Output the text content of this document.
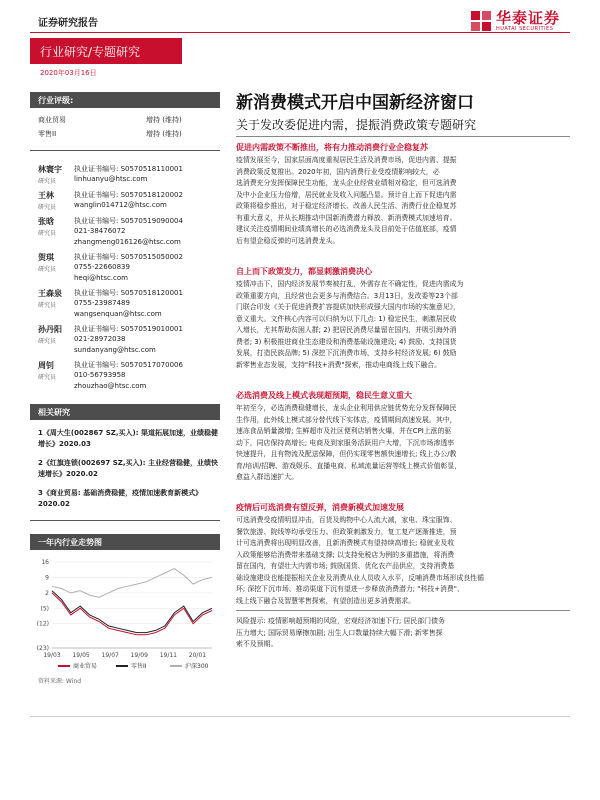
证券研究报告	华泰证券
HUATAI SECURITIES
行业研究/专题研究
2020年03月16日
行业评级:
商业贸易	增持 (维持)
零售II	增持 (维持)
林寰宇
研究员
执业证书编号: S0570518110001
linhuanyu@htsc.com
王林
研究员
执业证书编号: S0570518120002
wanglin014712@htsc.com
张晗
研究员
执业证书编号: S0570519090004
021-38476072
zhangmeng016126@htsc.com
贺琪
研究员
执业证书编号: S0570515050002
0755-22660839
heqi@htsc.com
王森泉
研究员
执业证书编号: S0570518120001
0755-23987489
wangsenquan@htsc.com
孙丹阳
研究员
执业证书编号: S0570519010001
021-28972038
sundanyang@htsc.com
周钊
研究员
执业证书编号: S0570517070006
010-56793958
zhouzhao@htsc.com
相关研究
1《周大生(002867 SZ,买入): 渠道拓展加速，业绩稳健增长》2020.03
2《红旗连锁(002697 SZ,买入): 主业经营稳健，业绩快速增长》2020.02
3《商业贸易: 基础消费稳健，疫情加速教育新模式》2020.02
一年内行业走势图
16
9
2
(5)
(12)
(23)
19/03 19/05 19/07 19/09 19/11 20/01
商业贸易	零售II	沪深300
资料来源: Wind
新消费模式开启中国新经济窗口
关于发改委促进内需，提振消费政策专题研究
促进内需政策不断推出，将有力推动消费行业企稳复苏
疫情发展至今，国家层面高度重视居民生活及消费市场，促进内需、提振
消费政策反复推出。2020年初，国内消费行业受疫情影响较大，必
选消费充分发挥保障民生功能，龙头企业经营业绩相对稳定，但可选消费
及中小企业压力倍增，居民就业及收入问题凸显。预计自上而下促进内需
政策将稳步推出，对于稳定经济增长、改善人民生活、消费行业企稳复苏
有重大意义，并从长期推动中国新消费潜力释放、新消费模式加速培育。
建议关注疫情期间业绩高增长的必选消费龙头及目前处于估值底部，疫情
后有望企稳反弹的可选消费龙头。
自上而下政策发力，都显刺激消费决心
疫情冲击下，国内经济发展节奏被打乱，外需存在不确定性，促进内需成为
政策重要方向，且经营也会更多与消费结合。3月13日，发改委等23个部
门联合印发《关于促进消费扩容提质加快形成强大国内市场的实施意见》，
意义重大。文件核心内容可以归纳为以下几点: 1) 稳定民生，刺激居民收
入增长，尤其帮助贫困人群; 2) 把居民消费尽量留在国内，并吸引海外消
费者; 3) 积极推进商业生态建设和消费基础设施建设; 4) 鼓励、支持国货
发展，打造民族品牌; 5) 深挖下沉消费市场，支持乡村经济发展; 6) 鼓励
新零售业态发展，支持"科技+消费"探索，推动电商线上线下融合。
必选消费及线上模式表现超预期，稳民生意义重大
年初至今，必选消费稳健增长，龙头企业利用供应链优势充分发挥保障民
生作用，此外线上模式部分替代线下实体店，疫情期间高速发展。其中，
速冻食品销量激增; 生鲜超市及社区便利店销售火爆，并在CPI上涨的驱
动下，同店保持高增长; 电商及到家服务活跃用户大增，下沉市场渗透率
快速提升，且有物流及配送保障，但仍实现零售额快速增长; 线上办公/教
育/培训/招聘、游戏娱乐、直播电商、私域流量运营等线上模式价值彰显，
愈益入群迅速扩大。
疫情后可选消费有望反弹，消费新模式加速发展
可选消费受疫情明显冲击，百货及购物中心人流大减，家电、珠宝服饰、
餐饮旅游、院线等均承受压力。但政策刺激发力，复工复产逐渐推进，预
计可选消费将出现明显改善，且新消费模式有望持续高增长; 稳就业及收
入政策能够给消费带来基础支撑; 以支持免税店为例的多重措施，将消费
留在国内，有望壮大内需市场; 鼓励国货、优化农产品供应，支持消费基
础设施建设也能提振相关企业及消费从业人员收入水平，反哺消费市场形成良性循
环; 深挖下沉市场、推动渠道下沉有望进一步释放消费潜力; "科技+消费"、
线上线下融合及智慧零售探索，有望创造出更多消费需求。
风险提示: 疫情影响超预期的风险，宏观经济加速下行; 居民部门债务
压力增大; 国际贸易摩擦加剧; 出生人口数量持续大幅下滑; 新零售探
索不及预期。
